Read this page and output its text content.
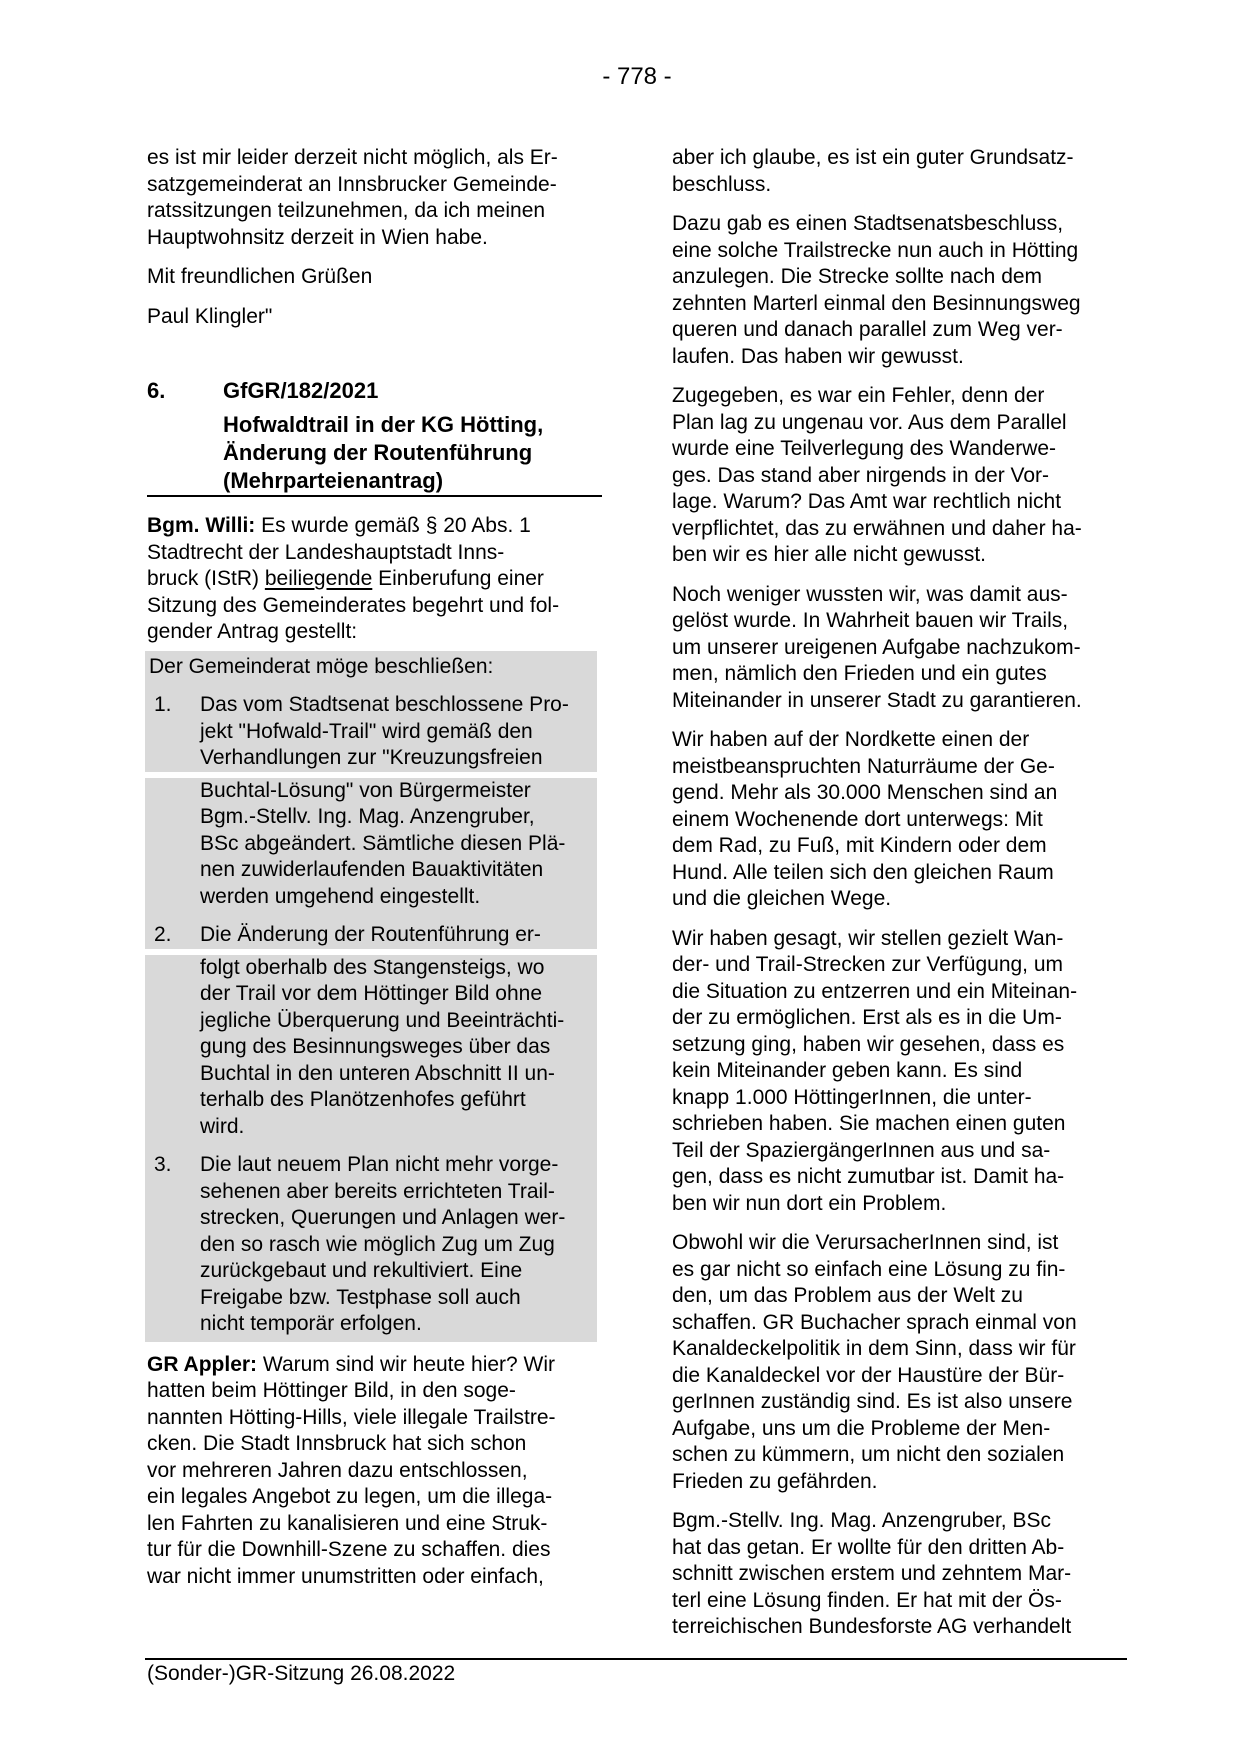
- 778 -

es ist mir leider derzeit nicht möglich, als Er-
satzgemeinderat an Innsbrucker Gemeinde-
ratssitzungen teilzunehmen, da ich meinen
Hauptwohnsitz derzeit in Wien habe.

Mit freundlichen Grüßen

Paul Klingler"

6.	GfGR/182/2021
Hofwaldtrail in der KG Hötting,
Änderung der Routenführung
(Mehrparteienantrag)

Bgm. Willi: Es wurde gemäß § 20 Abs. 1
Stadtrecht der Landeshauptstadt Inns-
bruck (IStR) beiliegende Einberufung einer
Sitzung des Gemeinderates begehrt und fol-
gender Antrag gestellt:

Der Gemeinderat möge beschließen:
1. Das vom Stadtsenat beschlossene Pro-
jekt "Hofwald-Trail" wird gemäß den
Verhandlungen zur "Kreuzungsfreien
Buchtal-Lösung" von Bürgermeister
Bgm.-Stellv. Ing. Mag. Anzengruber,
BSc abgeändert. Sämtliche diesen Plä-
nen zuwiderlaufenden Bauaktivitäten
werden umgehend eingestellt.
2. Die Änderung der Routenführung er-
folgt oberhalb des Stangensteigs, wo
der Trail vor dem Höttinger Bild ohne
jegliche Überquerung und Beeinträchti-
gung des Besinnungsweges über das
Buchtal in den unteren Abschnitt II un-
terhalb des Planötzenhofes geführt
wird.
3. Die laut neuem Plan nicht mehr vorge-
sehenen aber bereits errichteten Trail-
strecken, Querungen und Anlagen wer-
den so rasch wie möglich Zug um Zug
zurückgebaut und rekultiviert. Eine
Freigabe bzw. Testphase soll auch
nicht temporär erfolgen.

GR Appler: Warum sind wir heute hier? Wir
hatten beim Höttinger Bild, in den soge-
nannten Hötting-Hills, viele illegale Trailstre-
cken. Die Stadt Innsbruck hat sich schon
vor mehreren Jahren dazu entschlossen,
ein legales Angebot zu legen, um die illega-
len Fahrten zu kanalisieren und eine Struk-
tur für die Downhill-Szene zu schaffen. dies
war nicht immer unumstritten oder einfach,

aber ich glaube, es ist ein guter Grundsatz-
beschluss.

Dazu gab es einen Stadtsenatsbeschluss,
eine solche Trailstrecke nun auch in Hötting
anzulegen. Die Strecke sollte nach dem
zehnten Marterl einmal den Besinnungsweg
queren und danach parallel zum Weg ver-
laufen. Das haben wir gewusst.

Zugegeben, es war ein Fehler, denn der
Plan lag zu ungenau vor. Aus dem Parallel
wurde eine Teilverlegung des Wanderwe-
ges. Das stand aber nirgends in der Vor-
lage. Warum? Das Amt war rechtlich nicht
verpflichtet, das zu erwähnen und daher ha-
ben wir es hier alle nicht gewusst.

Noch weniger wussten wir, was damit aus-
gelöst wurde. In Wahrheit bauen wir Trails,
um unserer ureigenen Aufgabe nachzukom-
men, nämlich den Frieden und ein gutes
Miteinander in unserer Stadt zu garantieren.

Wir haben auf der Nordkette einen der
meistbeanspruchten Naturräume der Ge-
gend. Mehr als 30.000 Menschen sind an
einem Wochenende dort unterwegs: Mit
dem Rad, zu Fuß, mit Kindern oder dem
Hund. Alle teilen sich den gleichen Raum
und die gleichen Wege.

Wir haben gesagt, wir stellen gezielt Wan-
der- und Trail-Strecken zur Verfügung, um
die Situation zu entzerren und ein Miteinan-
der zu ermöglichen. Erst als es in die Um-
setzung ging, haben wir gesehen, dass es
kein Miteinander geben kann. Es sind
knapp 1.000 HöttingerInnen, die unter-
schrieben haben. Sie machen einen guten
Teil der SpaziergängerInnen aus und sa-
gen, dass es nicht zumutbar ist. Damit ha-
ben wir nun dort ein Problem.

Obwohl wir die VerursacherInnen sind, ist
es gar nicht so einfach eine Lösung zu fin-
den, um das Problem aus der Welt zu
schaffen. GR Buchacher sprach einmal von
Kanaldeckelpolitik in dem Sinn, dass wir für
die Kanaldeckel vor der Haustüre der Bür-
gerInnen zuständig sind. Es ist also unsere
Aufgabe, uns um die Probleme der Men-
schen zu kümmern, um nicht den sozialen
Frieden zu gefährden.

Bgm.-Stellv. Ing. Mag. Anzengruber, BSc
hat das getan. Er wollte für den dritten Ab-
schnitt zwischen erstem und zehntem Mar-
terl eine Lösung finden. Er hat mit der Ös-
terreichischen Bundesforste AG verhandelt

(Sonder-)GR-Sitzung 26.08.2022
